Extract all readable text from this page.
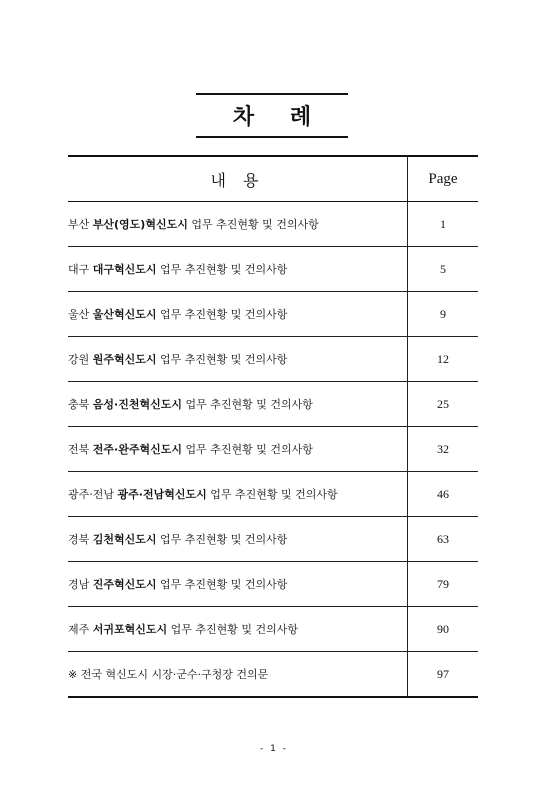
차 례
내 용	Page
부산 부산(영도)혁신도시 업무 추진현황 및 건의사항	1
대구 대구혁신도시 업무 추진현황 및 건의사항	5
울산 울산혁신도시 업무 추진현황 및 건의사항	9
강원 원주혁신도시 업무 추진현황 및 건의사항	12
충북 음성·진천혁신도시 업무 추진현황 및 건의사항	25
전북 전주·완주혁신도시 업무 추진현황 및 건의사항	32
광주·전남 광주·전남혁신도시 업무 추진현황 및 건의사항	46
경북 김천혁신도시 업무 추진현황 및 건의사항	63
경남 진주혁신도시 업무 추진현황 및 건의사항	79
제주 서귀포혁신도시 업무 추진현황 및 건의사항	90
※ 전국 혁신도시 시장·군수·구청장 건의문	97
- 1 -
